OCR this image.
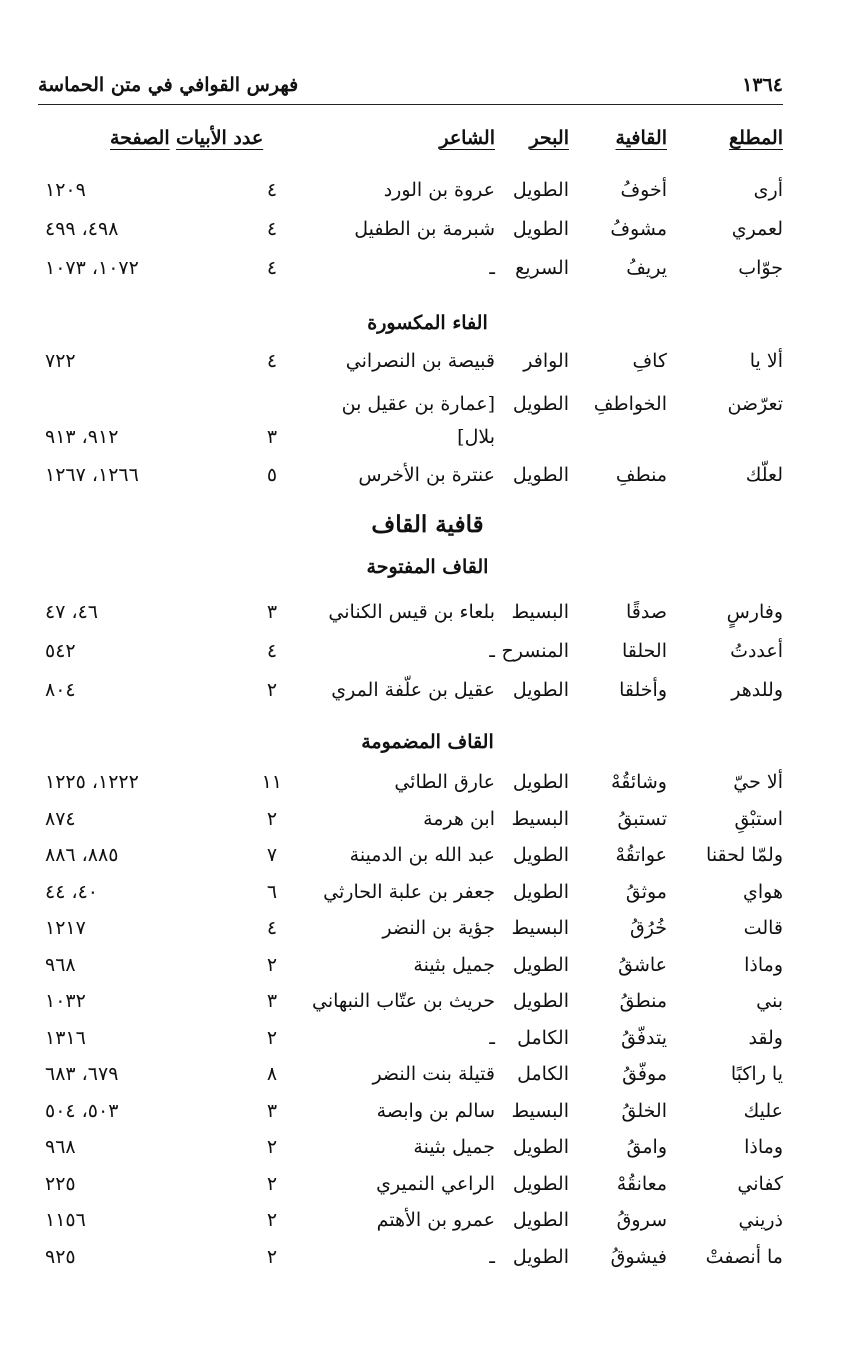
١٣٦٤
فهرس القوافي في متن الحماسة
المطلع
القافية
البحر
الشاعر
عدد الأبيات
الصفحة
أرى
أخوفُ
الطويل
عروة بن الورد
٤
١٢٠٩
لعمري
مشوفُ
الطويل
شبرمة بن الطفيل
٤
٤٩٨، ٤٩٩
جوّاب
يريفُ
السريع
ـ
٤
١٠٧٢، ١٠٧٣
الفاء المكسورة
ألا يا
كافِ
الوافر
قبيصة بن النصراني
٤
٧٢٢
تعرّضن
الخواطفِ
الطويل
[عمارة بن عقيل بن
بلال]
٣
٩١٢، ٩١٣
لعلّك
منطفِ
الطويل
عنترة بن الأخرس
٥
١٢٦٦، ١٢٦٧
قافية القاف
القاف المفتوحة
وفارسٍ
صدقًا
البسيط
بلعاء بن قيس الكناني
٣
٤٦، ٤٧
أعددتُ
الحلقا
المنسرح
ـ
٤
٥٤٢
وللدهر
وأخلقا
الطويل
عقيل بن علّفة المري
٢
٨٠٤
القاف المضمومة
ألا حيّ
وشائقُهْ
الطويل
عارق الطائي
١١
١٢٢٢، ١٢٢٥
استبْقِ
تستبقُ
البسيط
ابن هرمة
٢
٨٧٤
ولمّا لحقنا
عواتقُهْ
الطويل
عبد الله بن الدمينة
٧
٨٨٥، ٨٨٦
هواي
موثقُ
الطويل
جعفر بن علبة الحارثي
٦
٤٠، ٤٤
قالت
خُرُقُ
البسيط
جؤية بن النضر
٤
١٢١٧
وماذا
عاشقُ
الطويل
جميل بثينة
٢
٩٦٨
بني
منطقُ
الطويل
حريث بن عتّاب النبهاني
٣
١٠٣٢
ولقد
يتدفّقُ
الكامل
ـ
٢
١٣١٦
يا راكبًا
موفّقُ
الكامل
قتيلة بنت النضر
٨
٦٧٩، ٦٨٣
عليك
الخلقُ
البسيط
سالم بن وابصة
٣
٥٠٣، ٥٠٤
وماذا
وامقُ
الطويل
جميل بثينة
٢
٩٦٨
كفاني
معانقُهْ
الطويل
الراعي النميري
٢
٢٢٥
ذريني
سروقُ
الطويل
عمرو بن الأهتم
٢
١١٥٦
ما أنصفتْ
فيشوقُ
الطويل
ـ
٢
٩٢٥
